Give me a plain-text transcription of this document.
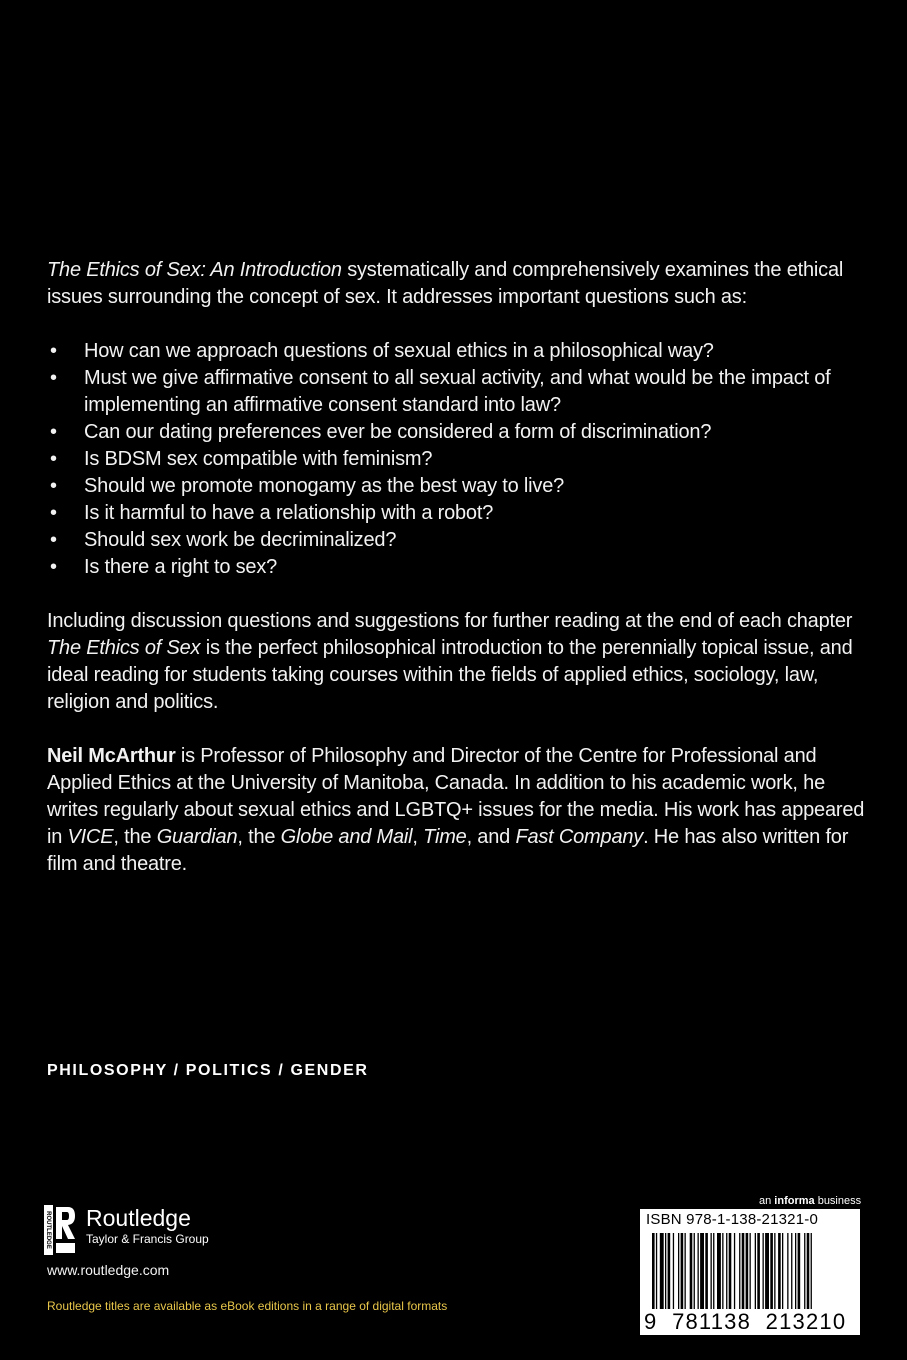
The Ethics of Sex: An Introduction systematically and comprehensively examines the ethical issues surrounding the concept of sex. It addresses important questions such as:

• How can we approach questions of sexual ethics in a philosophical way?
• Must we give affirmative consent to all sexual activity, and what would be the impact of implementing an affirmative consent standard into law?
• Can our dating preferences ever be considered a form of discrimination?
• Is BDSM sex compatible with feminism?
• Should we promote monogamy as the best way to live?
• Is it harmful to have a relationship with a robot?
• Should sex work be decriminalized?
• Is there a right to sex?

Including discussion questions and suggestions for further reading at the end of each chapter The Ethics of Sex is the perfect philosophical introduction to the perennially topical issue, and ideal reading for students taking courses within the fields of applied ethics, sociology, law, religion and politics.

Neil McArthur is Professor of Philosophy and Director of the Centre for Professional and Applied Ethics at the University of Manitoba, Canada. In addition to his academic work, he writes regularly about sexual ethics and LGBTQ+ issues for the media. His work has appeared in VICE, the Guardian, the Globe and Mail, Time, and Fast Company. He has also written for film and theatre.

PHILOSOPHY / POLITICS / GENDER
ROUTLEDGE Routledge
Taylor & Francis Group
www.routledge.com
Routledge titles are available as eBook editions in a range of digital formats
an informa business
ISBN 978-1-138-21321-0
9 781138 213210
